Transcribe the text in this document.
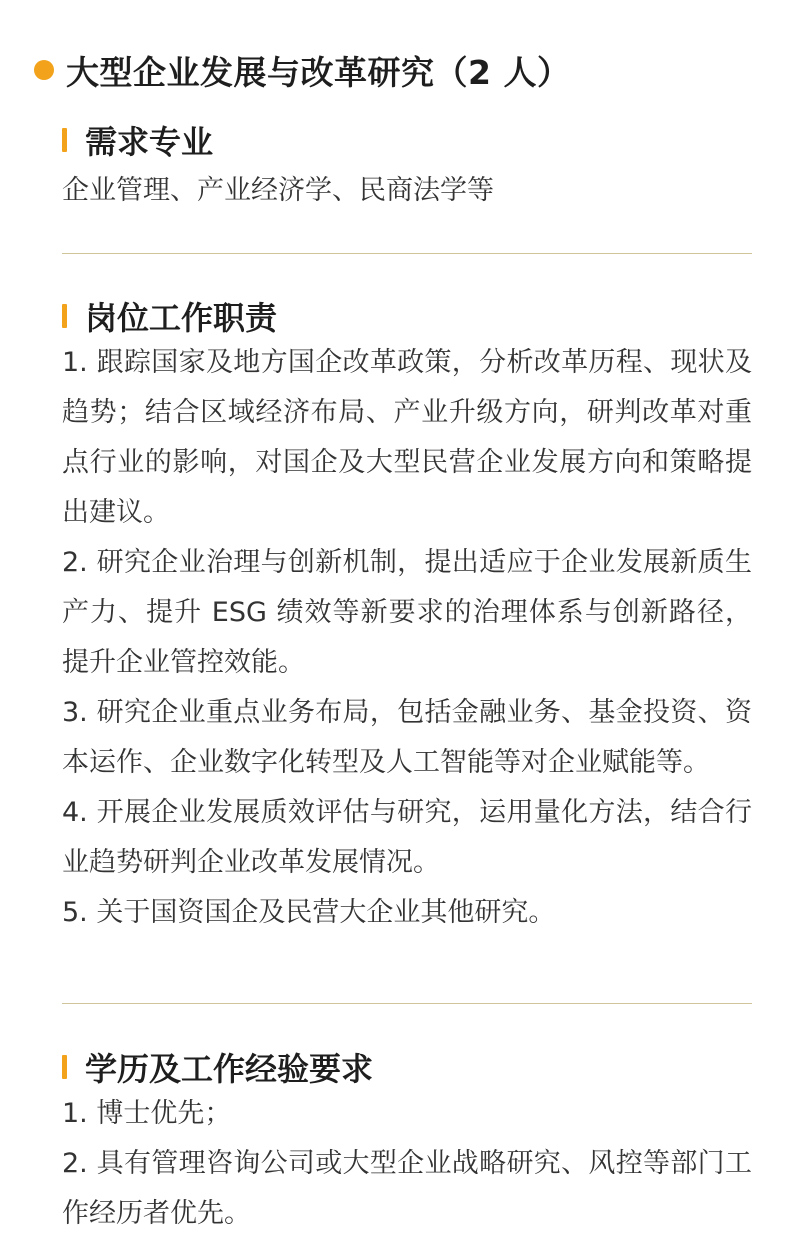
大型企业发展与改革研究（2 人）
需求专业

企业管理、产业经济学、民商法学等

岗位工作职责

1. 跟踪国家及地方国企改革政策，分析改革历程、现状及趋势；结合区域经济布局、产业升级方向，研判改革对重点行业的影响，对国企及大型民营企业发展方向和策略提出建议。

2. 研究企业治理与创新机制，提出适应于企业发展新质生产力、提升 ESG 绩效等新要求的治理体系与创新路径，提升企业管控效能。

3. 研究企业重点业务布局，包括金融业务、基金投资、资本运作、企业数字化转型及人工智能等对企业赋能等。

4. 开展企业发展质效评估与研究，运用量化方法，结合行业趋势研判企业改革发展情况。

5. 关于国资国企及民营大企业其他研究。

学历及工作经验要求

1. 博士优先；

2. 具有管理咨询公司或大型企业战略研究、风控等部门工作经历者优先。
